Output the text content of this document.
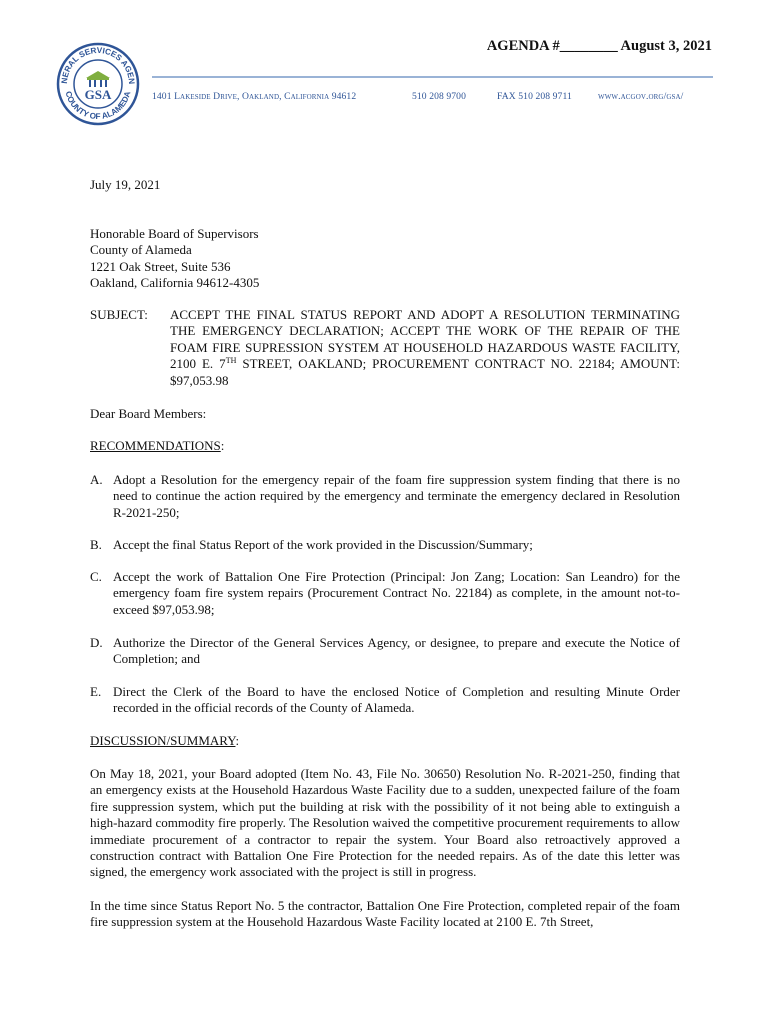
NERAL SERVICES AGEN
COUNTY OF ALAMEDA
GSA
AGENDA #________ August 3, 2021
1401 Lakeside Drive, Oakland, California 94612	510 208 9700	FAX 510 208 9711	www.acgov.org/gsa/
July 19, 2021
Honorable Board of Supervisors
County of Alameda
1221 Oak Street, Suite 536
Oakland, California 94612-4305
SUBJECT: ACCEPT THE FINAL STATUS REPORT AND ADOPT A RESOLUTION TERMINATING THE EMERGENCY DECLARATION; ACCEPT THE WORK OF THE REPAIR OF THE FOAM FIRE SUPRESSION SYSTEM AT HOUSEHOLD HAZARDOUS WASTE FACILITY, 2100 E. 7TH STREET, OAKLAND; PROCUREMENT CONTRACT NO. 22184; AMOUNT: $97,053.98
Dear Board Members:
RECOMMENDATIONS:
A. Adopt a Resolution for the emergency repair of the foam fire suppression system finding that there is no need to continue the action required by the emergency and terminate the emergency declared in Resolution R-2021-250;
B. Accept the final Status Report of the work provided in the Discussion/Summary;
C. Accept the work of Battalion One Fire Protection (Principal: Jon Zang; Location: San Leandro) for the emergency foam fire system repairs (Procurement Contract No. 22184) as complete, in the amount not-to-exceed $97,053.98;
D. Authorize the Director of the General Services Agency, or designee, to prepare and execute the Notice of Completion; and
E. Direct the Clerk of the Board to have the enclosed Notice of Completion and resulting Minute Order recorded in the official records of the County of Alameda.
DISCUSSION/SUMMARY:
On May 18, 2021, your Board adopted (Item No. 43, File No. 30650) Resolution No. R-2021-250, finding that an emergency exists at the Household Hazardous Waste Facility due to a sudden, unexpected failure of the foam fire suppression system, which put the building at risk with the possibility of it not being able to extinguish a high-hazard commodity fire properly. The Resolution waived the competitive procurement requirements to allow immediate procurement of a contractor to repair the system. Your Board also retroactively approved a construction contract with Battalion One Fire Protection for the needed repairs. As of the date this letter was signed, the emergency work associated with the project is still in progress.
In the time since Status Report No. 5 the contractor, Battalion One Fire Protection, completed repair of the foam fire suppression system at the Household Hazardous Waste Facility located at 2100 E. 7th Street,
